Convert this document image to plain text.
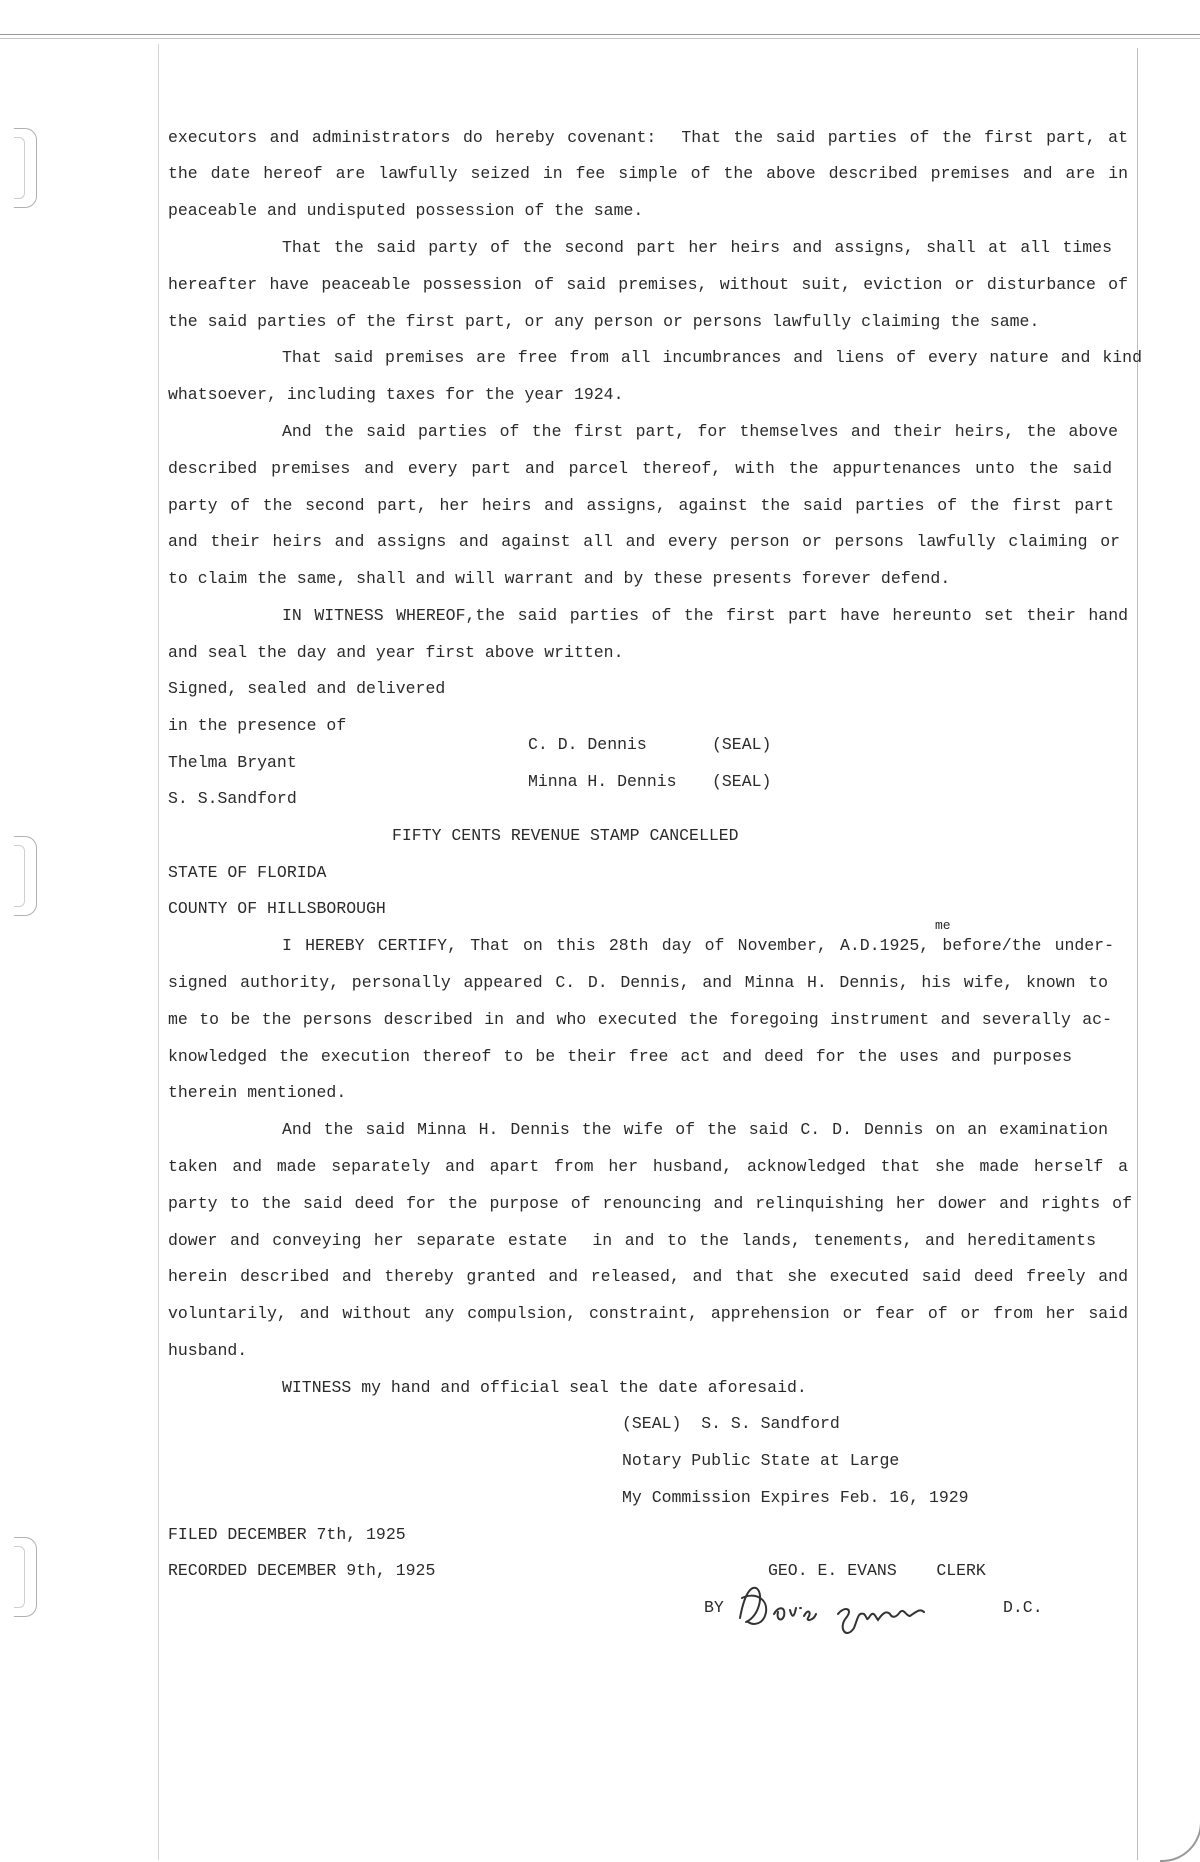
executors and administrators do hereby covenant:  That the said parties of the first part, at
the date hereof are lawfully seized in fee simple of the above described premises and are in
peaceable and undisputed possession of the same.
That the said party of the second part her heirs and assigns, shall at all times
hereafter have peaceable possession of said premises, without suit, eviction or disturbance of
the said parties of the first part, or any person or persons lawfully claiming the same.
That said premises are free from all incumbrances and liens of every nature and kind
whatsoever, including taxes for the year 1924.
And the said parties of the first part, for themselves and their heirs, the above
described premises and every part and parcel thereof, with the appurtenances unto the said
party of the second part, her heirs and assigns, against the said parties of the first part
and their heirs and assigns and against all and every person or persons lawfully claiming or
to claim the same, shall and will warrant and by these presents forever defend.
IN WITNESS WHEREOF,the said parties of the first part have hereunto set their hand
and seal the day and year first above written.
Signed, sealed and delivered
in the presence of
C. D. Dennis	(SEAL)
Thelma Bryant
Minna H. Dennis (SEAL)
S. S.Sandford
FIFTY CENTS REVENUE STAMP CANCELLED
STATE OF FLORIDA
COUNTY OF HILLSBOROUGH
me
I HEREBY CERTIFY, That on this 28th day of November, A.D.1925, before/the under-
signed authority, personally appeared C. D. Dennis, and Minna H. Dennis, his wife, known to
me to be the persons described in and who executed the foregoing instrument and severally ac-
knowledged the execution thereof to be their free act and deed for the uses and purposes
therein mentioned.
And the said Minna H. Dennis the wife of the said C. D. Dennis on an examination
taken and made separately and apart from her husband, acknowledged that she made herself a
party to the said deed for the purpose of renouncing and relinquishing her dower and rights of
dower and conveying her separate estate  in and to the lands, tenements, and hereditaments
herein described and thereby granted and released, and that she executed said deed freely and
voluntarily, and without any compulsion, constraint, apprehension or fear of or from her said
husband.
WITNESS my hand and official seal the date aforesaid.
(SEAL)  S. S. Sandford
Notary Public State at Large
My Commission Expires Feb. 16, 1929
FILED DECEMBER 7th, 1925
RECORDED DECEMBER 9th, 1925	GEO. E. EVANS    CLERK
BY	D.C.
